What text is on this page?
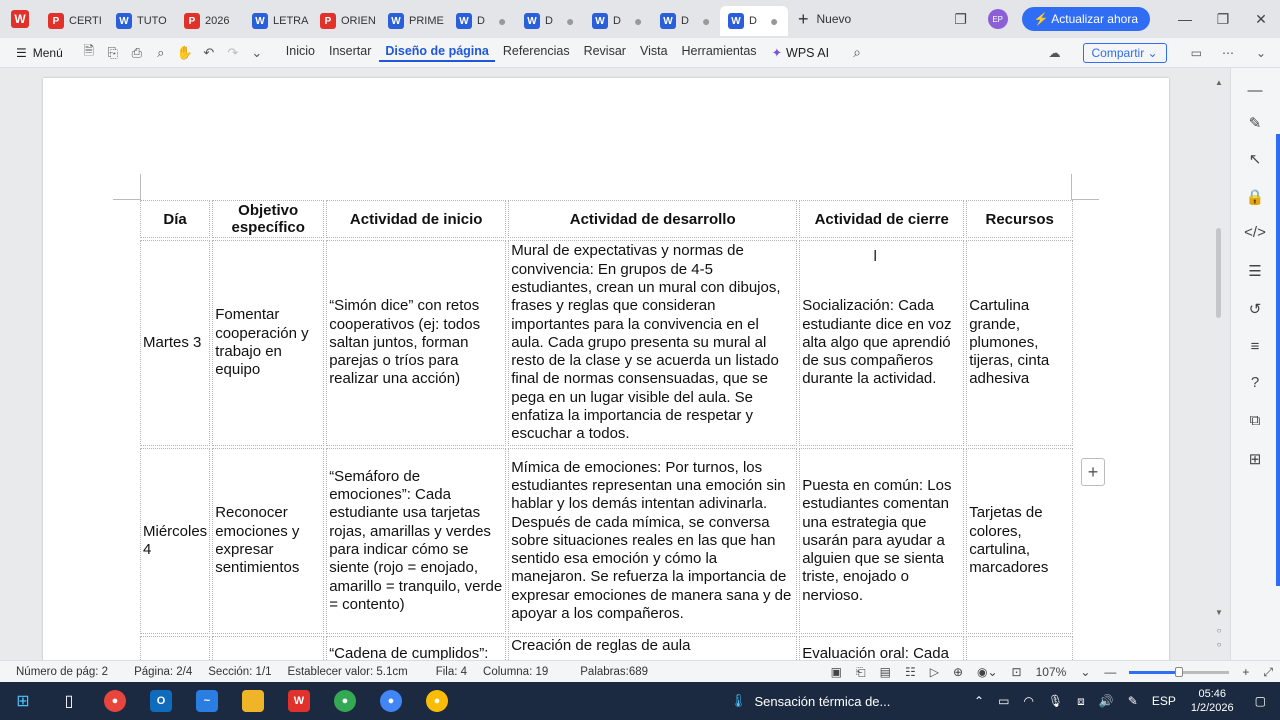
W	P CERTI	W TUTO	P 2026	W LETRA	P ORIEN	W PRIME	W D ●	W D ●	W D ●	W D ●	W D ● + Nuevo	❐	EP	⚡ Actualizar ahora	—	❐	✕
☰ Menú	🗎	⎘	⎙	⌕ ✋ ↶	↷	⌄	Inicio	Insertar	Diseño de página	Referencias	Revisar	Vista	Herramientas	✦ WPS AI ⌕	☁	Compartir ⌄	▭ ⋯ ⌄
Día	Objetivo específico	Actividad de inicio	Actividad de desarrollo	Actividad de cierre	Recursos
Martes 3	Fomentar cooperación y trabajo en equipo	“Simón dice” con retos cooperativos (ej: todos saltan juntos, forman parejas o tríos para realizar una acción)	Mural de expectativas y normas de convivencia: En grupos de 4-5 estudiantes, crean un mural con dibujos, frases y reglas que consideran importantes para la convivencia en el aula. Cada grupo presenta su mural al resto de la clase y se acuerda un listado final de normas consensuadas, que se pega en un lugar visible del aula. Se enfatiza la importancia de respetar y escuchar a todos.	Socialización: Cada estudiante dice en voz alta algo que aprendió de sus compañeros durante la actividad.	Cartulina grande, plumones, tijeras, cinta adhesiva
Miércoles 4	Reconocer emociones y expresar sentimientos	“Semáforo de emociones”: Cada estudiante usa tarjetas rojas, amarillas y verdes para indicar cómo se siente (rojo = enojado, amarillo = tranquilo, verde = contento)	Mímica de emociones: Por turnos, los estudiantes representan una emoción sin hablar y los demás intentan adivinarla. Después de cada mímica, se conversa sobre situaciones reales en las que han sentido esa emoción y cómo la manejaron. Se refuerza la importancia de expresar emociones de manera sana y de apoyar a los compañeros.	Puesta en común: Los estudiantes comentan una estrategia que usarán para ayudar a alguien que se sienta triste, enojado o nervioso.	Tarjetas de colores, cartulina, marcadores
		“Cadena de cumplidos”:	Creación de reglas de aula	Evaluación oral: Cada	
+
I
▲
▼
○
○
—
✎
↖
🔒
</>
☰
↺
≡
?
⧉
⊞
Número de pág: 2 Página: 2/4 Sección: 1/1 Establecer valor: 5.1cm Fila: 4 Columna: 19	Palabras:689	▣ ⎗ ▤ ☷ ▷ ⊕ ◉⌄ ⊡ 107% ⌄ —	+ ⤢
⊞	▯	●	O	~	W	●	●	●	🌡 Sensación térmica de...	⌃ ▭ ◠ 🎙 ⧈ 🔊 ✎ ESP	05:46
1/2/2026 ▢
